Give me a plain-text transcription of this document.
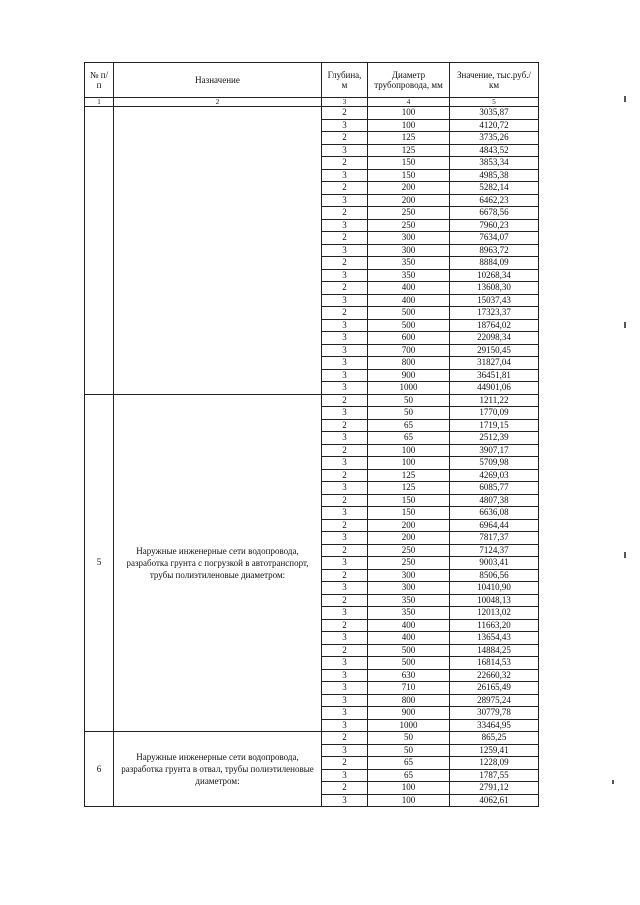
№ п/п	Назначение	Глубина, м	Диаметр трубопровода, мм	Значение, тыс.руб./км
1	2	3	4	5
		2	100	3035,87
		3	100	4120,72
		2	125	3735,26
		3	125	4843,52
		2	150	3853,34
		3	150	4985,38
		2	200	5282,14
		3	200	6462,23
		2	250	6678,56
		3	250	7960,23
		2	300	7634,07
		3	300	8963,72
		2	350	8884,09
		3	350	10268,34
		2	400	13608,30
		3	400	15037,43
		2	500	17323,37
		3	500	18764,02
		3	600	22098,34
		3	700	29150,45
		3	800	31827,04
		3	900	36451,81
		3	1000	44901,06
5	Наружные инженерные сети водопровода, разработка грунта с погрузкой в автотранспорт, трубы полиэтиленовые диаметром:	2	50	1211,22
		3	50	1770,09
		2	65	1719,15
		3	65	2512,39
		2	100	3907,17
		3	100	5709,98
		2	125	4269,03
		3	125	6085,77
		2	150	4807,38
		3	150	6636,08
		2	200	6964,44
		3	200	7817,37
		2	250	7124,37
		3	250	9003,41
		2	300	8506,56
		3	300	10410,90
		2	350	10048,13
		3	350	12013,02
		2	400	11663,20
		3	400	13654,43
		2	500	14884,25
		3	500	16814,53
		3	630	22660,32
		3	710	26165,49
		3	800	28975,24
		3	900	30779,78
		3	1000	33464,95
6	Наружные инженерные сети водопровода, разработка грунта в отвал, трубы полиэтиленовые диаметром:	2	50	865,25
		3	50	1259,41
		2	65	1228,09
		3	65	1787,55
		2	100	2791,12
		3	100	4062,61
